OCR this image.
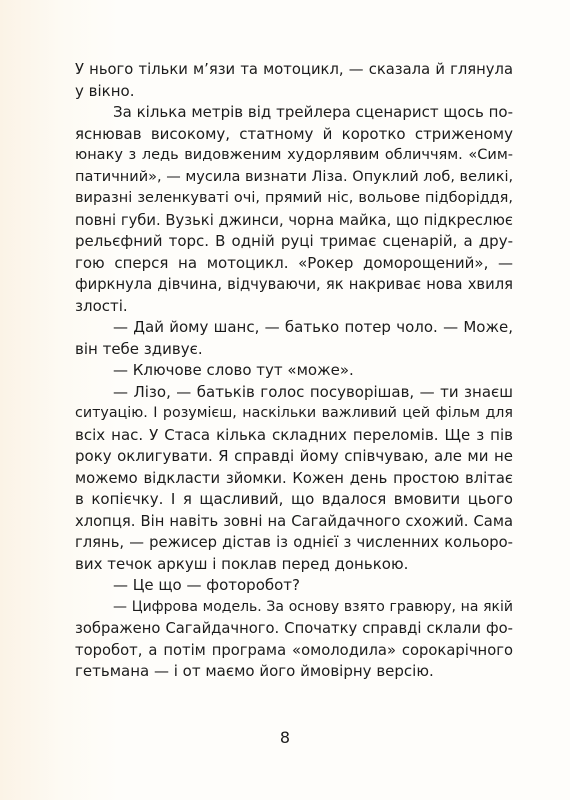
У нього тільки м’язи та мотоцикл, — сказала й глянула
у вікно.
За кілька метрів від трейлера сценарист щось по-
яснював високому, статному й коротко стриженому
юнаку з ледь видовженим худорлявим обличчям. «Сим-
патичний», — мусила визнати Ліза. Опуклий лоб, великі,
виразні зеленкуваті очі, прямий ніс, вольове підборіддя,
повні губи. Вузькі джинси, чорна майка, що підкреслює
рельєфний торс. В одній руці тримає сценарій, а дру-
гою сперся на мотоцикл. «Рокер доморощений», —
фиркнула дівчина, відчуваючи, як накриває нова хвиля
злості.
— Дай йому шанс, — батько потер чоло. — Може,
він тебе здивує.
— Ключове слово тут «може».
— Лізо, — батьків голос посуворішав, — ти знаєш
ситуацію. І розумієш, наскільки важливий цей фільм для
всіх нас. У Стаса кілька складних переломів. Ще з пів
року оклигувати. Я справді йому співчуваю, але ми не
можемо відкласти зйомки. Кожен день простою влітає
в копієчку. І я щасливий, що вдалося вмовити цього
хлопця. Він навіть зовні на Сагайдачного схожий. Сама
глянь, — режисер дістав із однієї з численних кольоро-
вих течок аркуш і поклав перед донькою.
— Це що — фоторобот?
— Цифрова модель. За основу взято гравюру, на якій
зображено Сагайдачного. Спочатку справді склали фо-
торобот, а потім програма «омолодила» сорокарічного
гетьмана — і от маємо його ймовірну версію.
8
